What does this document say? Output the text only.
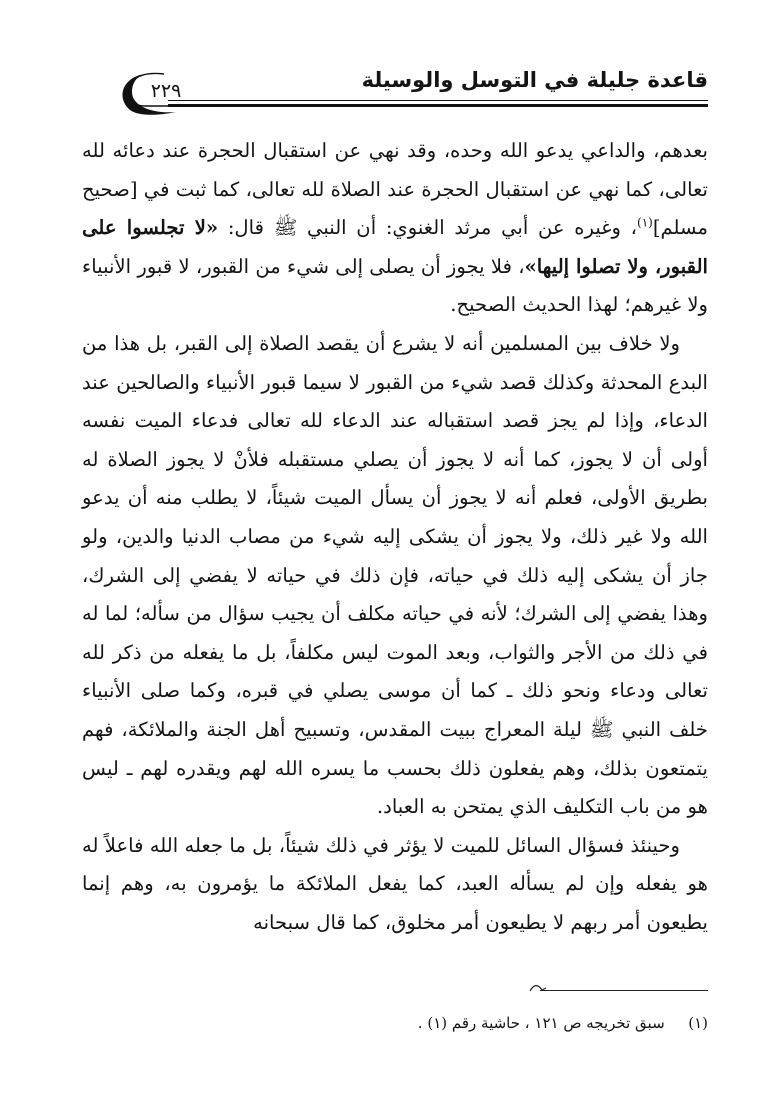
قاعدة جليلة في التوسل والوسيلة
٢٢٩

بعدهم، والداعي يدعو الله وحده، وقد نهي عن استقبال الحجرة عند دعائه لله تعالى، كما نهي عن استقبال الحجرة عند الصلاة لله تعالى، كما ثبت في [صحيح مسلم]$^{(١)}$، وغيره عن أبي مرثد الغنوي: أن النبي ﷺ قال: «لا تجلسوا على القبور، ولا تصلوا إليها»، فلا يجوز أن يصلى إلى شيء من القبور، لا قبور الأنبياء ولا غيرهم؛ لهذا الحديث الصحيح.

ولا خلاف بين المسلمين أنه لا يشرع أن يقصد الصلاة إلى القبر، بل هذا من البدع المحدثة وكذلك قصد شيء من القبور لا سيما قبور الأنبياء والصالحين عند الدعاء، وإذا لم يجز قصد استقباله عند الدعاء لله تعالى فدعاء الميت نفسه أولى أن لا يجوز، كما أنه لا يجوز أن يصلي مستقبله فلأنْ لا يجوز الصلاة له بطريق الأولى، فعلم أنه لا يجوز أن يسأل الميت شيئاً، لا يطلب منه أن يدعو الله ولا غير ذلك، ولا يجوز أن يشكى إليه شيء من مصاب الدنيا والدين، ولو جاز أن يشكى إليه ذلك في حياته، فإن ذلك في حياته لا يفضي إلى الشرك، وهذا يفضي إلى الشرك؛ لأنه في حياته مكلف أن يجيب سؤال من سأله؛ لما له في ذلك من الأجر والثواب، وبعد الموت ليس مكلفاً، بل ما يفعله من ذكر لله تعالى ودعاء ونحو ذلك ـ كما أن موسى يصلي في قبره، وكما صلى الأنبياء خلف النبي ﷺ ليلة المعراج ببيت المقدس، وتسبيح أهل الجنة والملائكة، فهم يتمتعون بذلك، وهم يفعلون ذلك بحسب ما يسره الله لهم ويقدره لهم ـ ليس هو من باب التكليف الذي يمتحن به العباد.

وحينئذ فسؤال السائل للميت لا يؤثر في ذلك شيئاً، بل ما جعله الله فاعلاً له هو يفعله وإن لم يسأله العبد، كما يفعل الملائكة ما يؤمرون به، وهم إنما يطيعون أمر ربهم لا يطيعون أمر مخلوق، كما قال سبحانه

(١)  سبق تخريجه ص ١٢١ ، حاشية رقم (١) .
